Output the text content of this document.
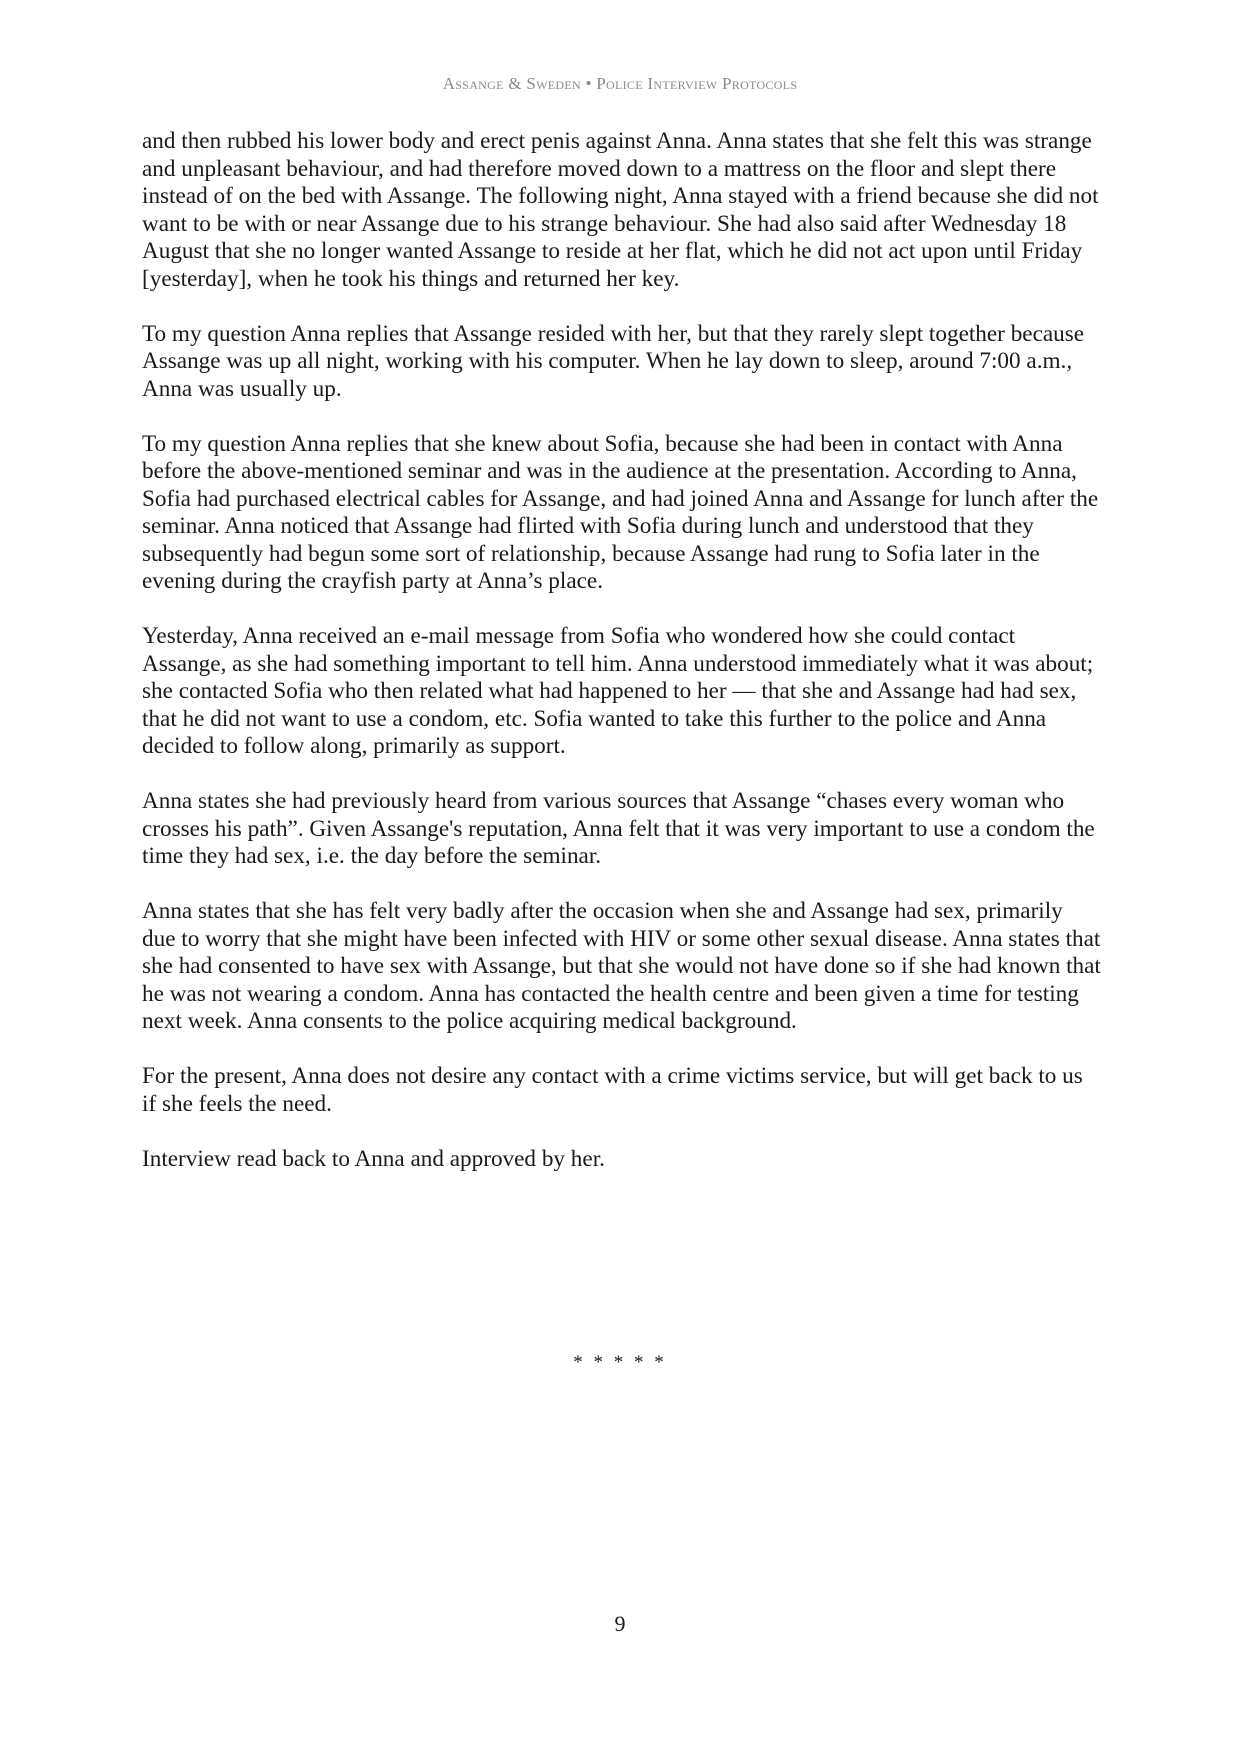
Assange & Sweden • Police Interview Protocols

and then rubbed his lower body and erect penis against Anna. Anna states that she felt this was strange and unpleasant behaviour, and had therefore moved down to a mattress on the floor and slept there instead of on the bed with Assange. The following night, Anna stayed with a friend because she did not want to be with or near Assange due to his strange behaviour. She had also said after Wednesday 18 August that she no longer wanted Assange to reside at her flat, which he did not act upon until Friday [yesterday], when he took his things and returned her key.

To my question Anna replies that Assange resided with her, but that they rarely slept together because Assange was up all night, working with his computer. When he lay down to sleep, around 7:00 a.m., Anna was usually up.

To my question Anna replies that she knew about Sofia, because she had been in contact with Anna before the above-mentioned seminar and was in the audience at the presentation. According to Anna, Sofia had purchased electrical cables for Assange, and had joined Anna and Assange for lunch after the seminar. Anna noticed that Assange had flirted with Sofia during lunch and understood that they subsequently had begun some sort of relationship, because Assange had rung to Sofia later in the evening during the crayfish party at Anna’s place.

Yesterday, Anna received an e-mail message from Sofia who wondered how she could contact Assange, as she had something important to tell him. Anna understood immediately what it was about; she contacted Sofia who then related what had happened to her — that she and Assange had had sex, that he did not want to use a condom, etc. Sofia wanted to take this further to the police and Anna decided to follow along, primarily as support.

Anna states she had previously heard from various sources that Assange “chases every woman who crosses his path”. Given Assange's reputation, Anna felt that it was very important to use a condom the time they had sex, i.e. the day before the seminar.

Anna states that she has felt very badly after the occasion when she and Assange had sex, primarily due to worry that she might have been infected with HIV or some other sexual disease. Anna states that she had consented to have sex with Assange, but that she would not have done so if she had known that he was not wearing a condom. Anna has contacted the health centre and been given a time for testing next week. Anna consents to the police acquiring medical background.

For the present, Anna does not desire any contact with a crime victims service, but will get back to us if she feels the need.

Interview read back to Anna and approved by her.

* * * * *
9
